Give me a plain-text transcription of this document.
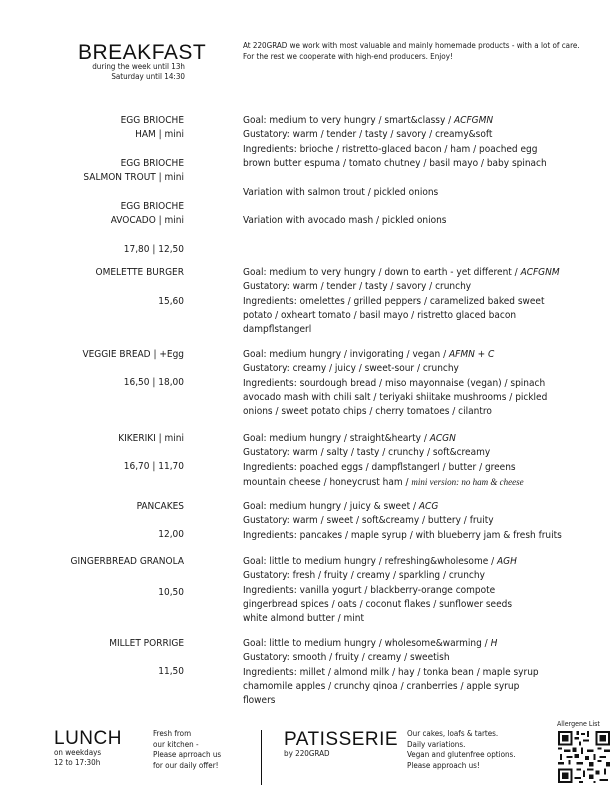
BREAKFAST
during the week until 13h
Saturday until 14:30
At 220GRAD we work with most valuable and mainly homemade products - with a lot of care.
For the rest we cooperate with high-end producers. Enjoy!
EGG BRIOCHE
HAM | mini
EGG BRIOCHE
SALMON TROUT | mini
EGG BRIOCHE
AVOCADO | mini
17,80 | 12,50
Goal: medium to very hungry / smart&classy / ACFGMN
Gustatory: warm / tender / tasty / savory / creamy&soft
Ingredients: brioche / ristretto-glaced bacon / ham / poached egg
brown butter espuma / tomato chutney / basil mayo / baby spinach
Variation with salmon trout / pickled onions
Variation with avocado mash / pickled onions
OMELETTE BURGER
15,60
Goal: medium to very hungry / down to earth - yet different / ACFGNM
Gustatory: warm / tender / tasty / savory / crunchy
Ingredients: omelettes / grilled peppers / caramelized baked sweet
potato / oxheart tomato / basil mayo / ristretto glaced bacon
dampflstangerl
VEGGIE BREAD | +Egg
16,50 | 18,00
Goal: medium hungry / invigorating / vegan / AFMN + C
Gustatory: creamy / juicy / sweet-sour / crunchy
Ingredients: sourdough bread / miso mayonnaise (vegan) / spinach
avocado mash with chili salt / teriyaki shiitake mushrooms / pickled
onions / sweet potato chips / cherry tomatoes / cilantro
KIKERIKI | mini
16,70 | 11,70
Goal: medium hungry / straight&hearty / ACGN
Gustatory: warm / salty / tasty / crunchy / soft&creamy
Ingredients: poached eggs / dampflstangerl / butter / greens
mountain cheese / honeycrust ham / mini version: no ham & cheese
PANCAKES
12,00
Goal: medium hungry / juicy & sweet / ACG
Gustatory: warm / sweet / soft&creamy / buttery / fruity
Ingredients: pancakes / maple syrup / with blueberry jam & fresh fruits
GINGERBREAD GRANOLA
10,50
Goal: little to medium hungry / refreshing&wholesome / AGH
Gustatory: fresh / fruity / creamy / sparkling / crunchy
Ingredients: vanilla yogurt / blackberry-orange compote
gingerbread spices / oats / coconut flakes / sunflower seeds
white almond butter / mint
MILLET PORRIGE
11,50
Goal: little to medium hungry / wholesome&warming / H
Gustatory: smooth / fruity / creamy / sweetish
Ingredients: millet / almond milk / hay / tonka bean / maple syrup
chamomile apples / crunchy qinoa / cranberries / apple syrup
flowers
LUNCH
on weekdays
12 to 17:30h
Fresh from
our kitchen -
Please aprroach us
for our daily offer!
PATISSERIE
by 220GRAD
Our cakes, loafs & tartes.
Daily variations.
Vegan and glutenfree options.
Please approach us!
Allergene List
